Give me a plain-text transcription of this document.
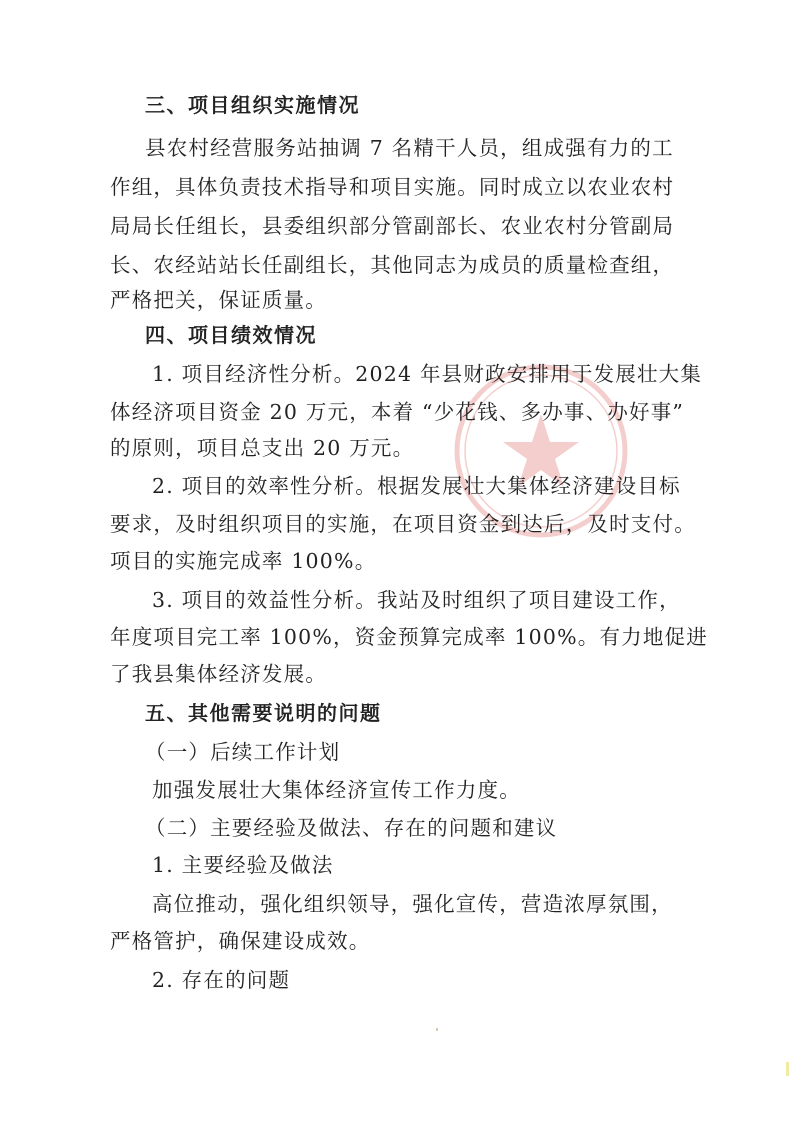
三、项目组织实施情况
县农村经营服务站抽调 7 名精干人员，组成强有力的工
作组，具体负责技术指导和项目实施。同时成立以农业农村
局局长任组长，县委组织部分管副部长、农业农村分管副局
长、农经站站长任副组长，其他同志为成员的质量检查组，
严格把关，保证质量。
四、项目绩效情况
1. 项目经济性分析。2024 年县财政安排用于发展壮大集
体经济项目资金 20 万元，本着 “少花钱、多办事、办好事”
的原则，项目总支出 20 万元。
2. 项目的效率性分析。根据发展壮大集体经济建设目标
要求，及时组织项目的实施，在项目资金到达后，及时支付。
项目的实施完成率 100%。
3. 项目的效益性分析。我站及时组织了项目建设工作，
年度项目完工率 100%，资金预算完成率 100%。有力地促进
了我县集体经济发展。
五、其他需要说明的问题
（一）后续工作计划
加强发展壮大集体经济宣传工作力度。
（二）主要经验及做法、存在的问题和建议
1. 主要经验及做法
高位推动，强化组织领导，强化宣传，营造浓厚氛围，
严格管护，确保建设成效。
2. 存在的问题
